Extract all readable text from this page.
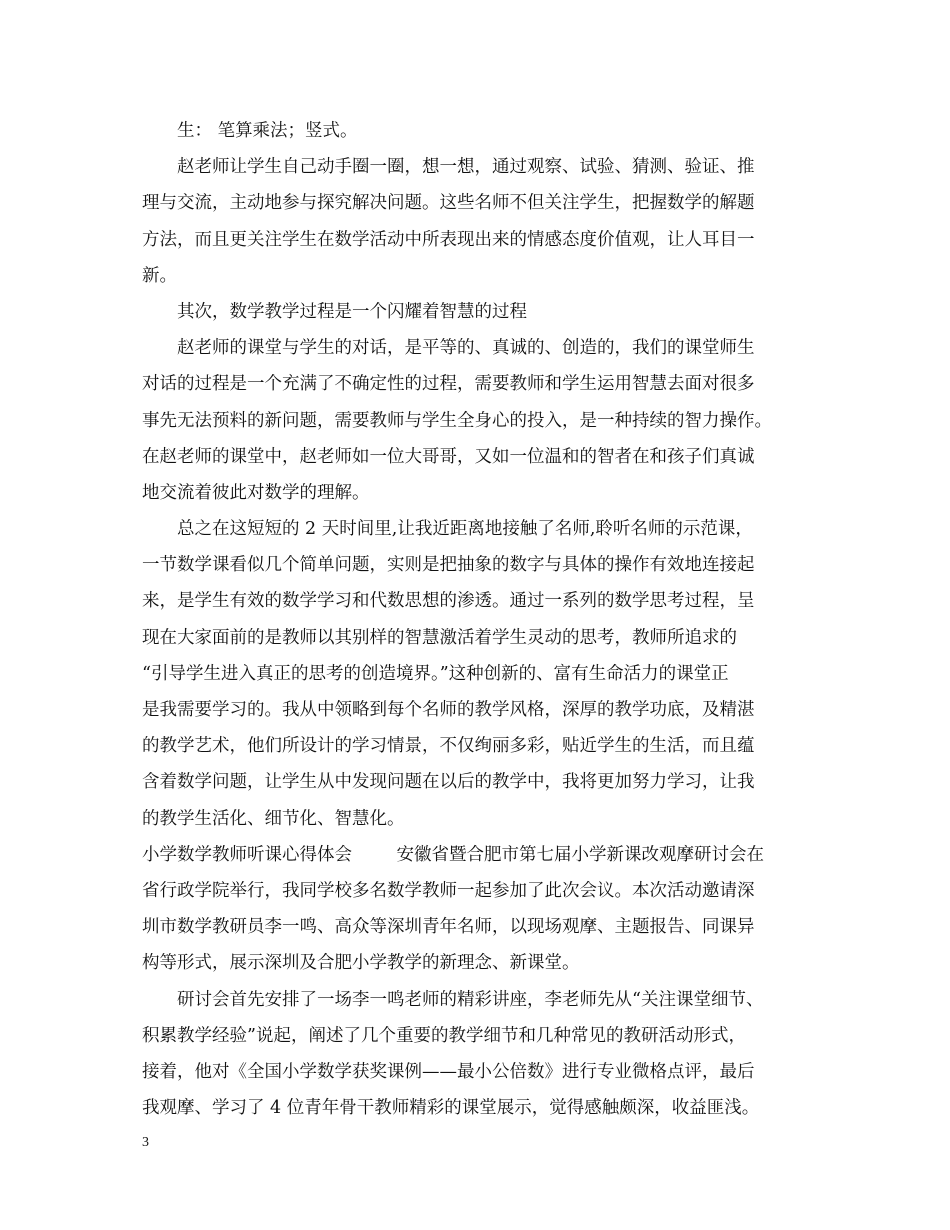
生： 笔算乘法；竖式。
赵老师让学生自己动手圈一圈，想一想，通过观察、试验、猜测、验证、推
理与交流，主动地参与探究解决问题。这些名师不但关注学生，把握数学的解题
方法，而且更关注学生在数学活动中所表现出来的情感态度价值观，让人耳目一
新。
其次，数学教学过程是一个闪耀着智慧的过程
赵老师的课堂与学生的对话，是平等的、真诚的、创造的，我们的课堂师生
对话的过程是一个充满了不确定性的过程，需要教师和学生运用智慧去面对很多
事先无法预料的新问题，需要教师与学生全身心的投入，是一种持续的智力操作。
在赵老师的课堂中，赵老师如一位大哥哥，又如一位温和的智者在和孩子们真诚
地交流着彼此对数学的理解。
总之在这短短的 2 天时间里,让我近距离地接触了名师,聆听名师的示范课，
一节数学课看似几个简单问题，实则是把抽象的数字与具体的操作有效地连接起
来，是学生有效的数学学习和代数思想的渗透。通过一系列的数学思考过程，呈
现在大家面前的是教师以其别样的智慧激活着学生灵动的思考，教师所追求的
“引导学生进入真正的思考的创造境界。”这种创新的、富有生命活力的课堂正
是我需要学习的。我从中领略到每个名师的教学风格，深厚的教学功底，及精湛
的教学艺术，他们所设计的学习情景，不仅绚丽多彩，贴近学生的生活，而且蕴
含着数学问题，让学生从中发现问题在以后的教学中，我将更加努力学习，让我
的教学生活化、细节化、智慧化。
小学数学教师听课心得体会        安徽省暨合肥市第七届小学新课改观摩研讨会在
省行政学院举行，我同学校多名数学教师一起参加了此次会议。本次活动邀请深
圳市数学教研员李一鸣、高众等深圳青年名师，以现场观摩、主题报告、同课异
构等形式，展示深圳及合肥小学教学的新理念、新课堂。
研讨会首先安排了一场李一鸣老师的精彩讲座，李老师先从“关注课堂细节、
积累教学经验”说起，阐述了几个重要的教学细节和几种常见的教研活动形式，
接着，他对《全国小学数学获奖课例——最小公倍数》进行专业微格点评，最后
我观摩、学习了 4 位青年骨干教师精彩的课堂展示，觉得感触颇深，收益匪浅。
3
